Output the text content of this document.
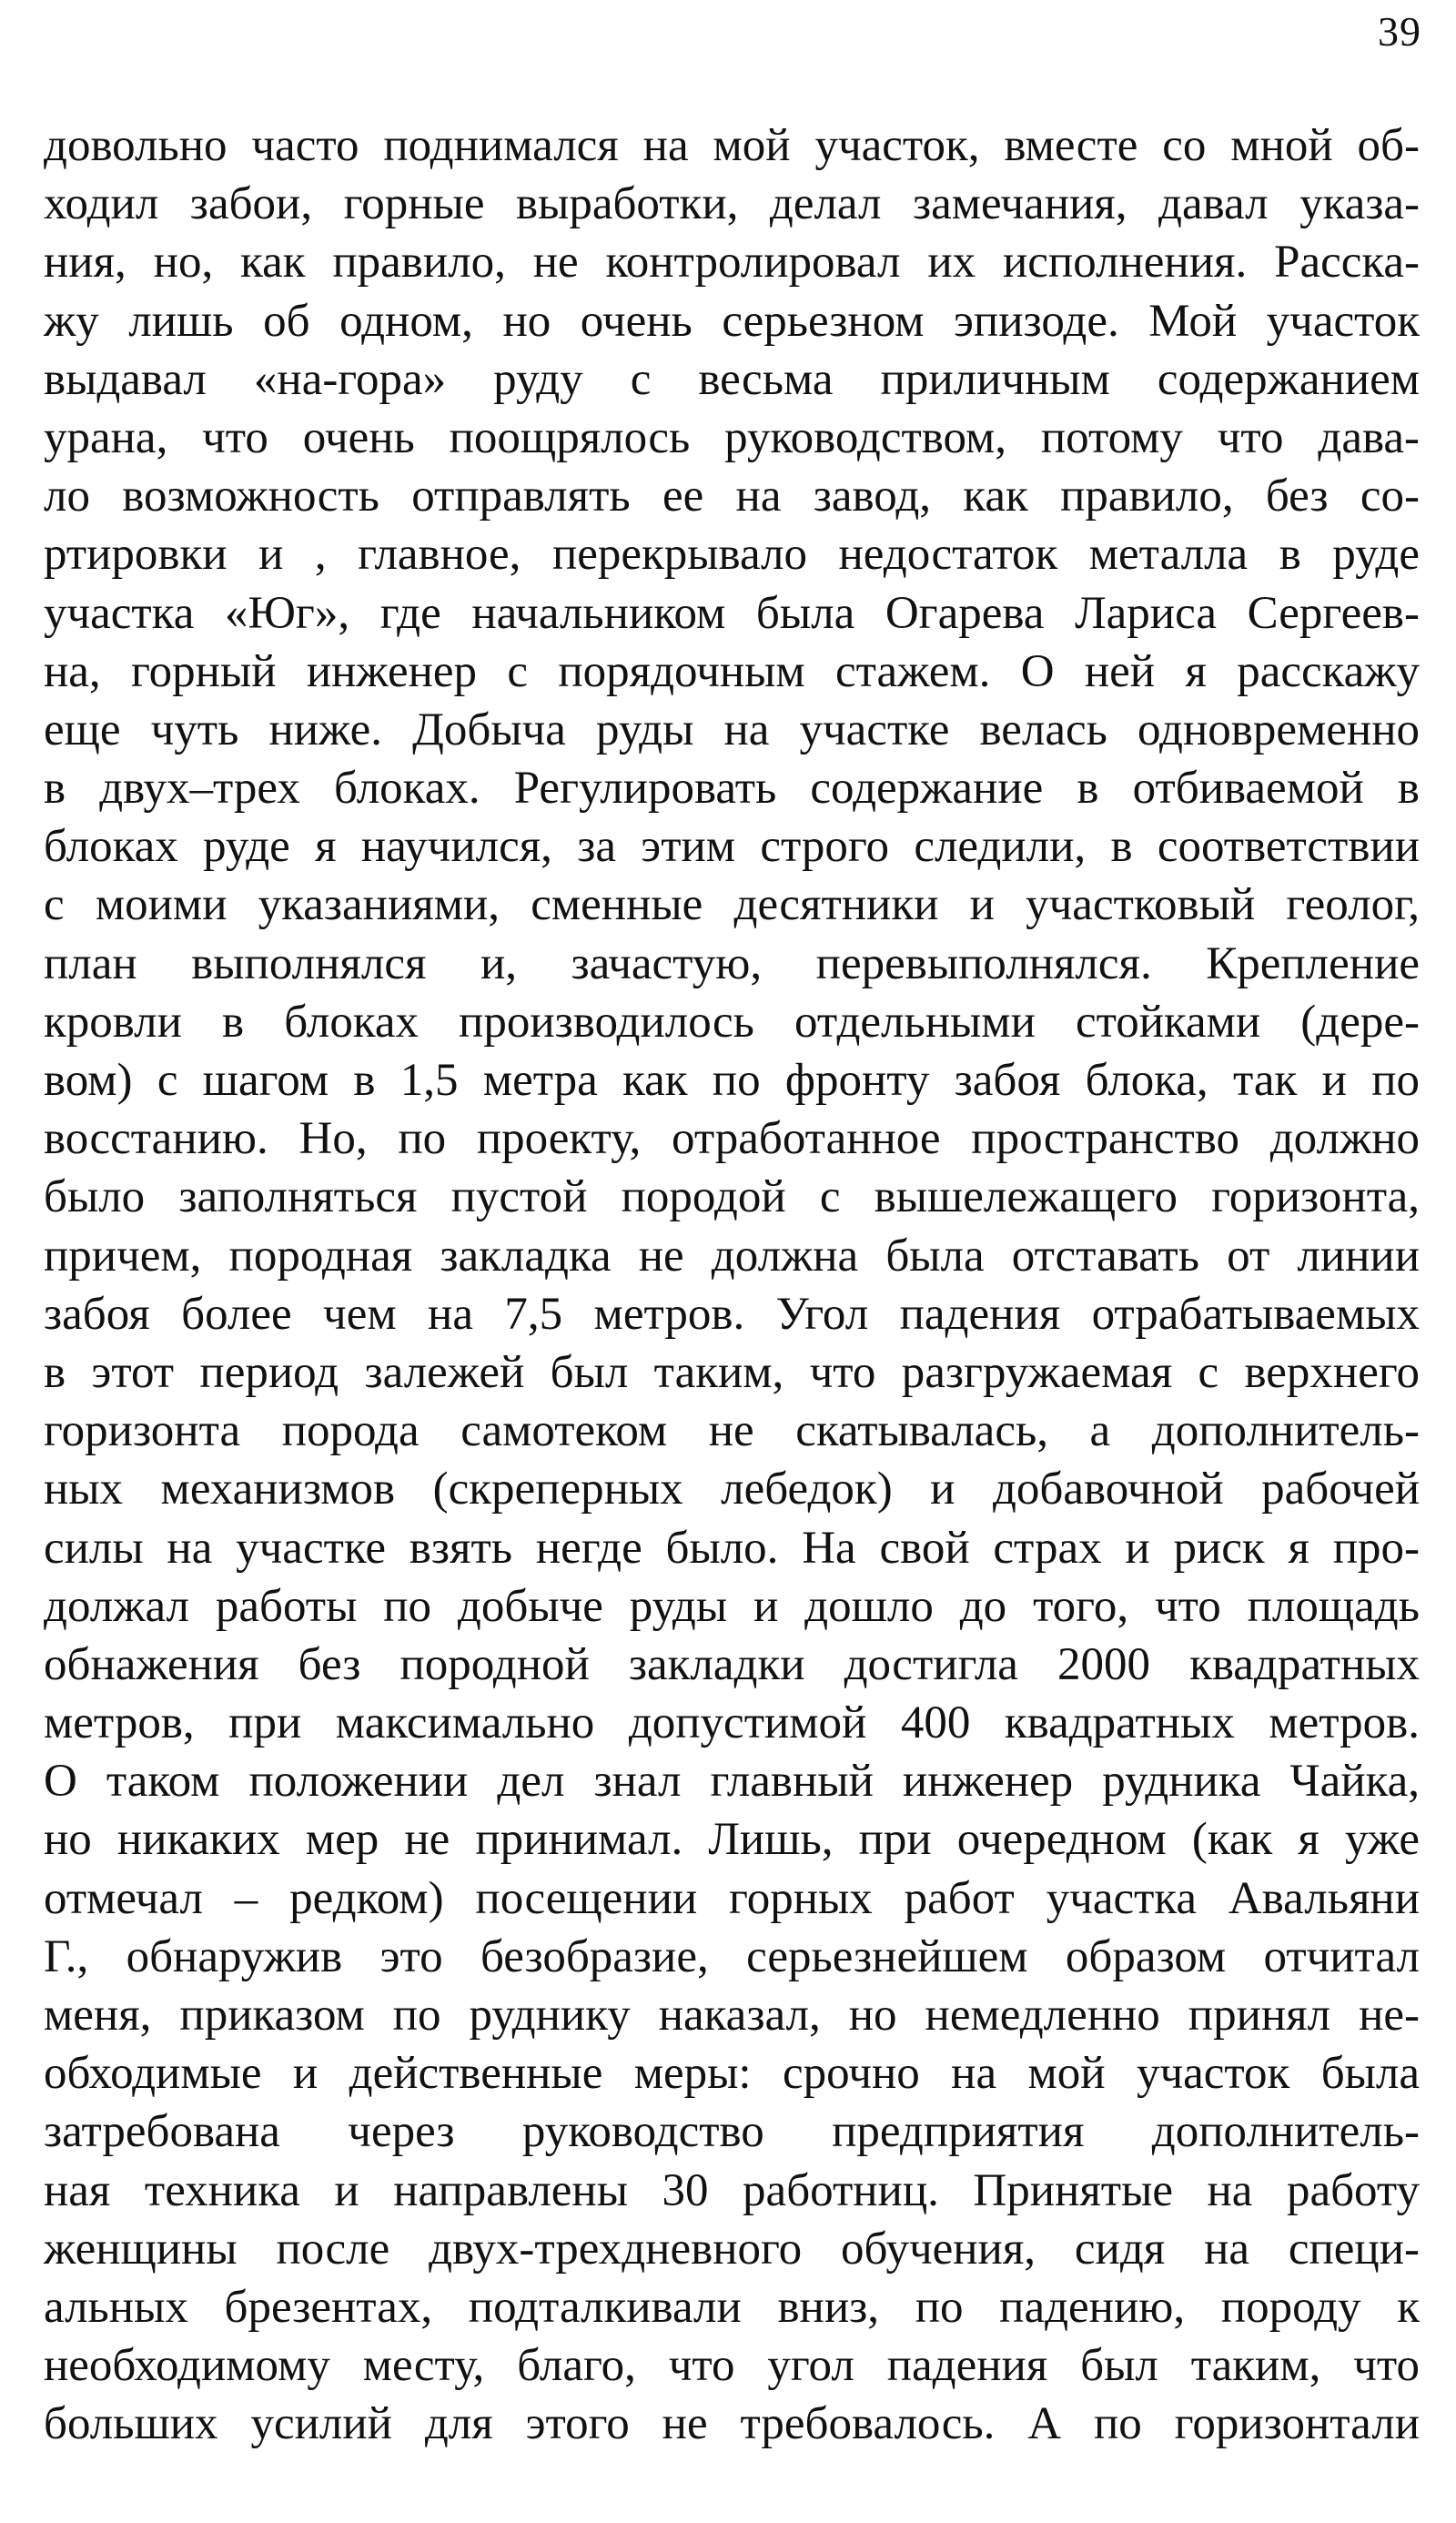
39
довольно часто поднимался на мой участок, вместе со мной об-
ходил забои, горные выработки, делал замечания, давал указа-
ния, но, как правило, не контролировал их исполнения. Расска-
жу лишь об одном, но очень серьезном эпизоде. Мой участок
выдавал «на-гора» руду с весьма приличным содержанием
урана, что очень поощрялось руководством, потому что дава-
ло возможность отправлять ее на завод, как правило, без со-
ртировки и , главное, перекрывало недостаток металла в руде
участка «Юг», где начальником была Огарева Лариса Сергеев-
на, горный инженер с порядочным стажем. О ней я расскажу
еще чуть ниже. Добыча руды на участке велась одновременно
в двух–трех блоках. Регулировать содержание в отбиваемой в
блоках руде я научился, за этим строго следили, в соответствии
с моими указаниями, сменные десятники и участковый геолог,
план выполнялся и, зачастую, перевыполнялся. Крепление
кровли в блоках производилось отдельными стойками (дере-
вом) с шагом в 1,5 метра как по фронту забоя блока, так и по
восстанию. Но, по проекту, отработанное пространство должно
было заполняться пустой породой с вышележащего горизонта,
причем, породная закладка не должна была отставать от линии
забоя более чем на 7,5 метров. Угол падения отрабатываемых
в этот период залежей был таким, что разгружаемая с верхнего
горизонта порода самотеком не скатывалась, а дополнитель-
ных механизмов (скреперных лебедок) и добавочной рабочей
силы на участке взять негде было. На свой страх и риск я про-
должал работы по добыче руды и дошло до того, что площадь
обнажения без породной закладки достигла 2000 квадратных
метров, при максимально допустимой 400 квадратных метров.
О таком положении дел знал главный инженер рудника Чайка,
но никаких мер не принимал. Лишь, при очередном (как я уже
отмечал – редком) посещении горных работ участка Авальяни
Г., обнаружив это безобразие, серьезнейшем образом отчитал
меня, приказом по руднику наказал, но немедленно принял не-
обходимые и действенные меры: срочно на мой участок была
затребована через руководство предприятия дополнитель-
ная техника и направлены 30 работниц. Принятые на работу
женщины после двух-трехдневного обучения, сидя на специ-
альных брезентах, подталкивали вниз, по падению, породу к
необходимому месту, благо, что угол падения был таким, что
больших усилий для этого не требовалось. А по горизонтали
